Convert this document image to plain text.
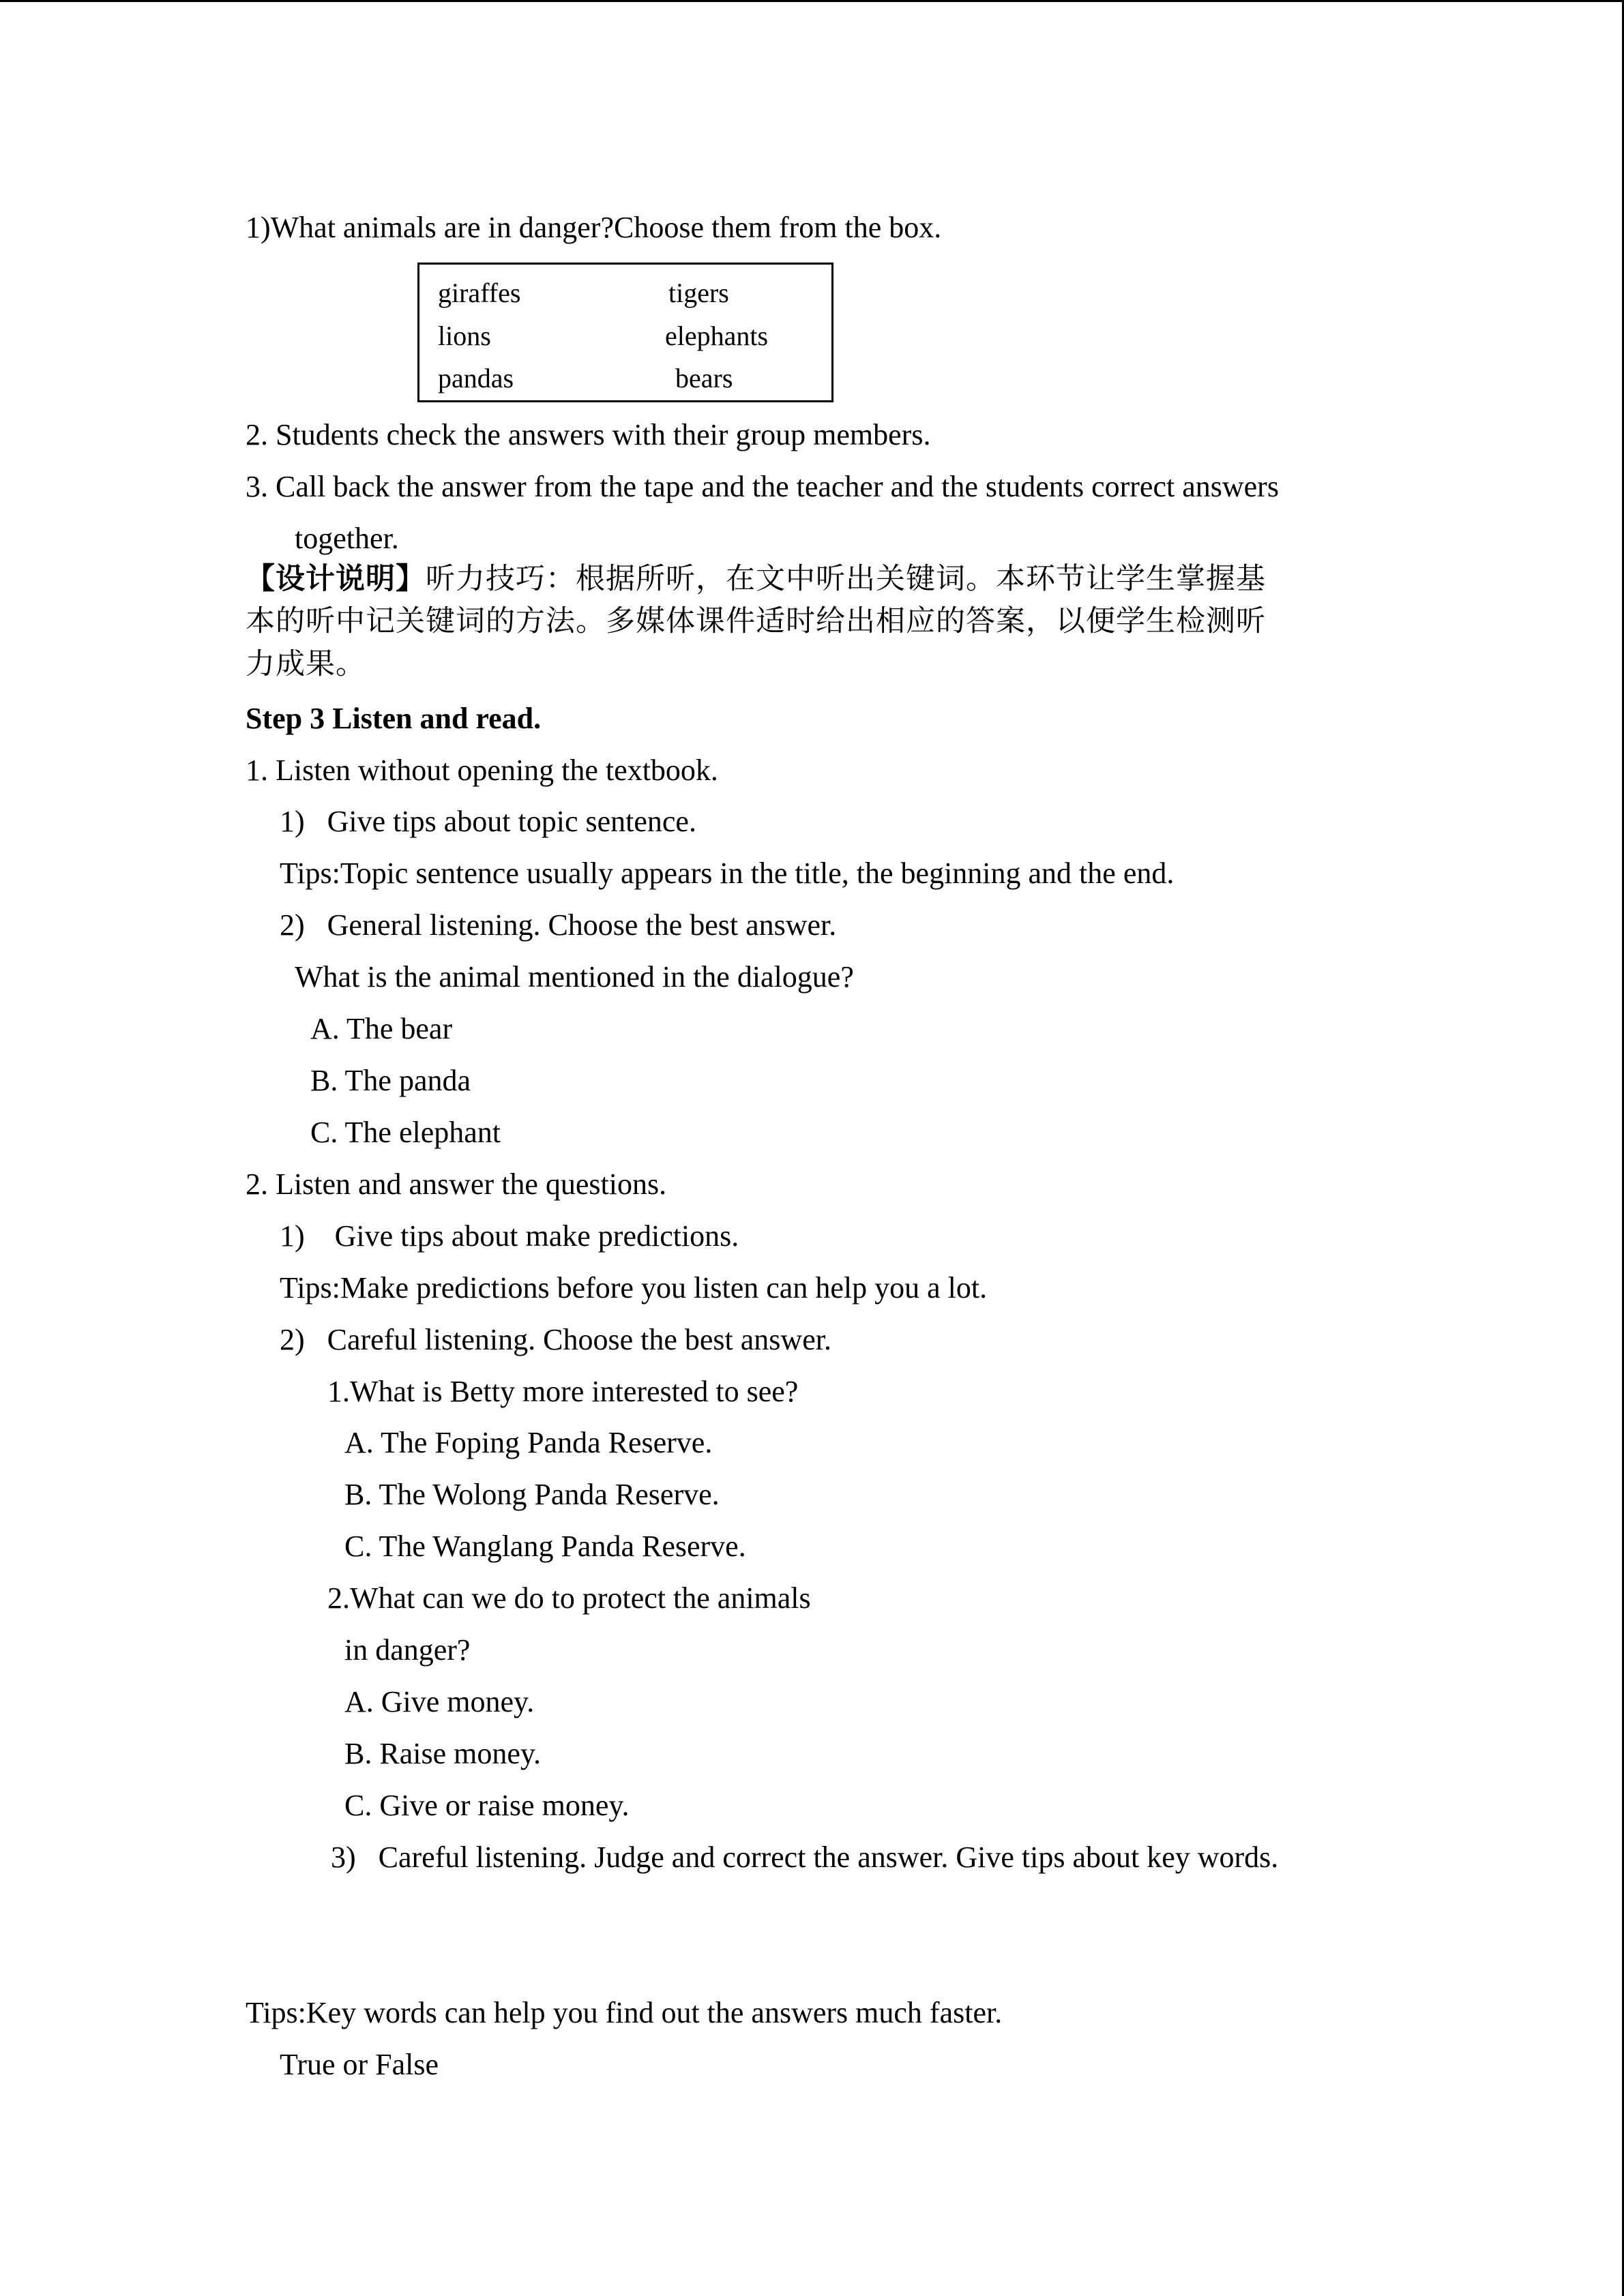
1)What animals are in danger?Choose them from the box.
giraffes	tigers
lions	elephants
pandas	bears
2. Students check the answers with their group members.
3. Call back the answer from the tape and the teacher and the students correct answers
together.
【设计说明】听力技巧：根据所听，在文中听出关键词。本环节让学生掌握基
本的听中记关键词的方法。多媒体课件适时给出相应的答案，以便学生检测听
力成果。
Step 3 Listen and read.
1. Listen without opening the textbook.
1)   Give tips about topic sentence.
Tips:Topic sentence usually appears in the title, the beginning and the end.
2)   General listening. Choose the best answer.
What is the animal mentioned in the dialogue?
A. The bear
B. The panda
C. The elephant
2. Listen and answer the questions.
1)    Give tips about make predictions.
Tips:Make predictions before you listen can help you a lot.
2)   Careful listening. Choose the best answer.
1.What is Betty more interested to see?
A. The Foping Panda Reserve.
B. The Wolong Panda Reserve.
C. The Wanglang Panda Reserve.
2.What can we do to protect the animals
in danger?
A. Give money.
B. Raise money.
C. Give or raise money.
3)   Careful listening. Judge and correct the answer. Give tips about key words.
Tips:Key words can help you find out the answers much faster.
True or False
